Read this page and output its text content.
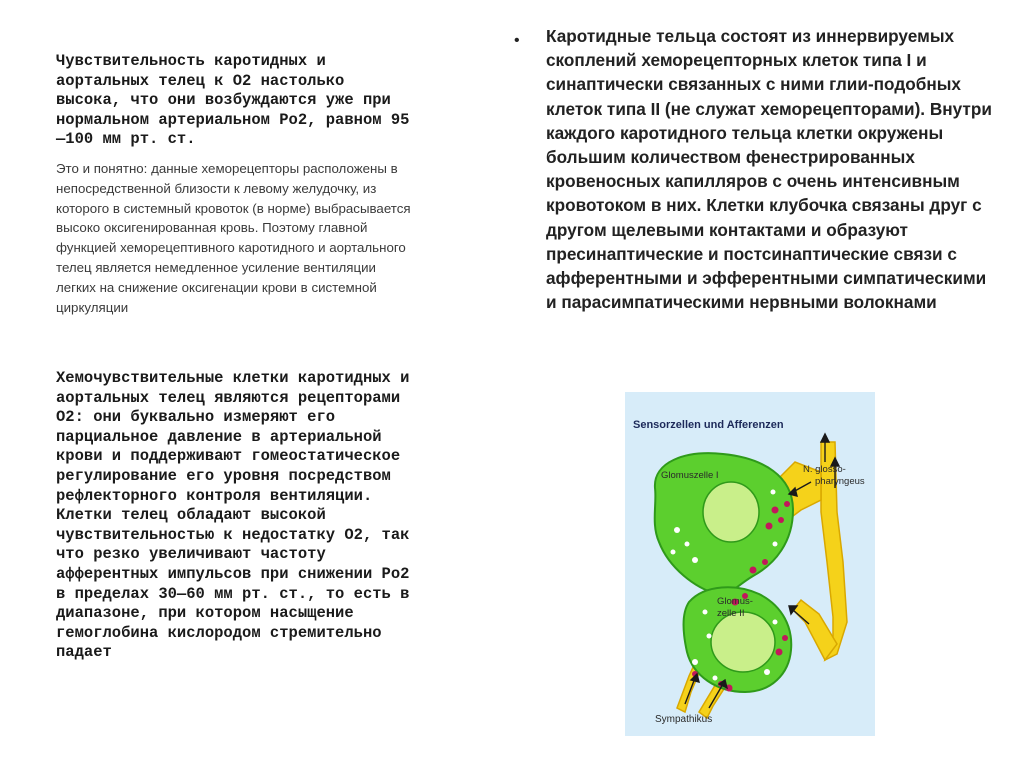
Чувствительность каротидных и аортальных телец к О2 настолько высока, что они возбуждаются уже при нормальном артериальном Ро2, равном 95—100 мм рт. ст.
Это и понятно: данные хеморецепторы расположены в непосредственной близости к левому желудочку, из которого в системный кровоток (в норме) выбрасывается высоко оксигенированная кровь. Поэтому главной функцией хеморецептивного каротидного и аортального телец является немедленное усиление вентиляции легких на снижение оксигенации крови в системной циркуляции
Хемочувствительные клетки каротидных и аортальных телец являются рецепторами О2: они буквально измеряют его парциальное давление в артериальной крови и поддерживают гомеостатическое регулирование его уровня посредством рефлекторного контроля вентиляции. Клетки телец обладают высокой чувствительностью к недостатку О2, так что резко увеличивают частоту афферентных импульсов при снижении Ро2 в пределах 30—60 мм рт. ст., то есть в диапазоне, при котором насыщение гемоглобина кислородом стремительно падает
• Каротидные тельца состоят из иннервируемых скоплений хеморецепторных клеток типа I и синаптически связанных с ними глии-подобных клеток типа II (не служат хеморецепторами). Внутри каждого каротидного тельца клетки окружены большим количеством фенестрированных кровеносных капилляров с очень интенсивным кровотоком в них. Клетки клубочка связаны друг с другом щелевыми контактами и образуют пресинаптические и постсинаптические связи с афферентными и эфферентными симпатическими и парасимпатическими нервными волокнами
Sensorzellen und Afferenzen
Glomuszelle I
Glomus-
zelle II
N. glosso-
pharyngeus
Sympathikus
